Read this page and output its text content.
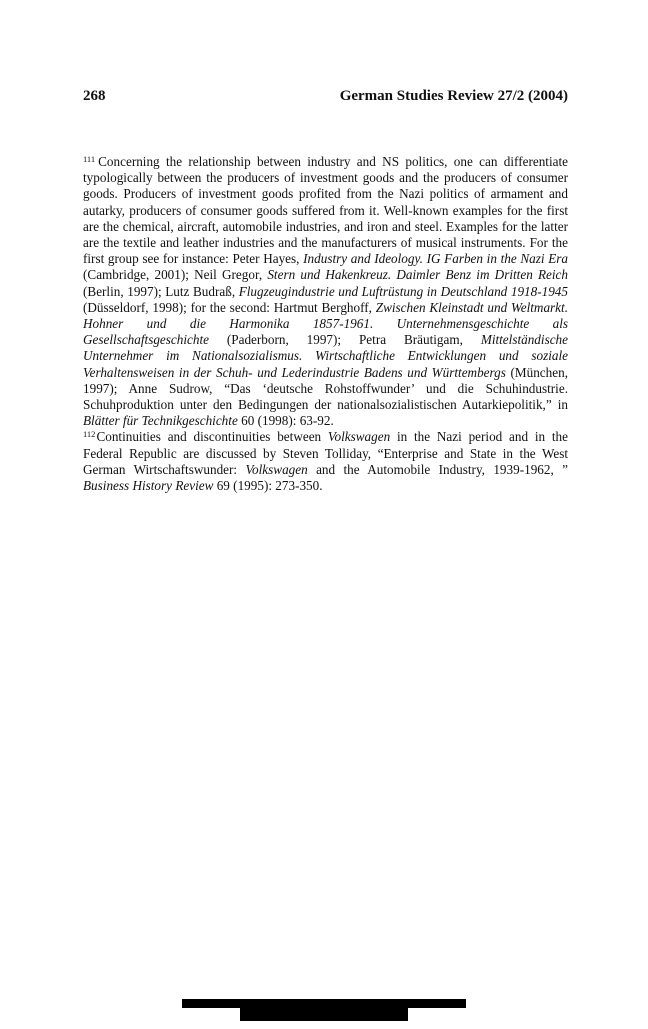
268	German Studies Review 27/2 (2004)

$^{111}$ Concerning the relationship between industry and NS politics, one can differentiate typologically between the producers of investment goods and the producers of consumer goods. Producers of investment goods profited from the Nazi politics of armament and autarky, producers of consumer goods suffered from it. Well-known examples for the first are the chemical, aircraft, automobile industries, and iron and steel. Examples for the latter are the textile and leather industries and the manufacturers of musical instruments. For the first group see for instance: Peter Hayes, Industry and Ideology. IG Farben in the Nazi Era (Cambridge, 2001); Neil Gregor, Stern und Hakenkreuz. Daimler Benz im Dritten Reich (Berlin, 1997); Lutz Budraß, Flugzeugindustrie und Luftrüstung in Deutschland 1918-1945 (Düsseldorf, 1998); for the second: Hartmut Berghoff, Zwischen Kleinstadt und Weltmarkt. Hohner und die Harmonika 1857-1961. Unternehmensgeschichte als Gesellschaftsgeschichte (Paderborn, 1997); Petra Bräutigam, Mittelständische Unternehmer im Nationalsozialismus. Wirtschaftliche Entwicklungen und soziale Verhaltensweisen in der Schuh- und Lederindustrie Badens und Württembergs (München, 1997); Anne Sudrow, “Das ‘deutsche Rohstoffwunder’ und die Schuhindustrie. Schuhproduktion unter den Bedingungen der nationalsozialistischen Autarkiepolitik,” in Blätter für Technikgeschichte 60 (1998): 63-92.

$^{112}$Continuities and discontinuities between Volkswagen in the Nazi period and in the Federal Republic are discussed by Steven Tolliday, “Enterprise and State in the West German Wirtschaftswunder: Volkswagen and the Automobile Industry, 1939-1962, ” Business History Review 69 (1995): 273-350.
